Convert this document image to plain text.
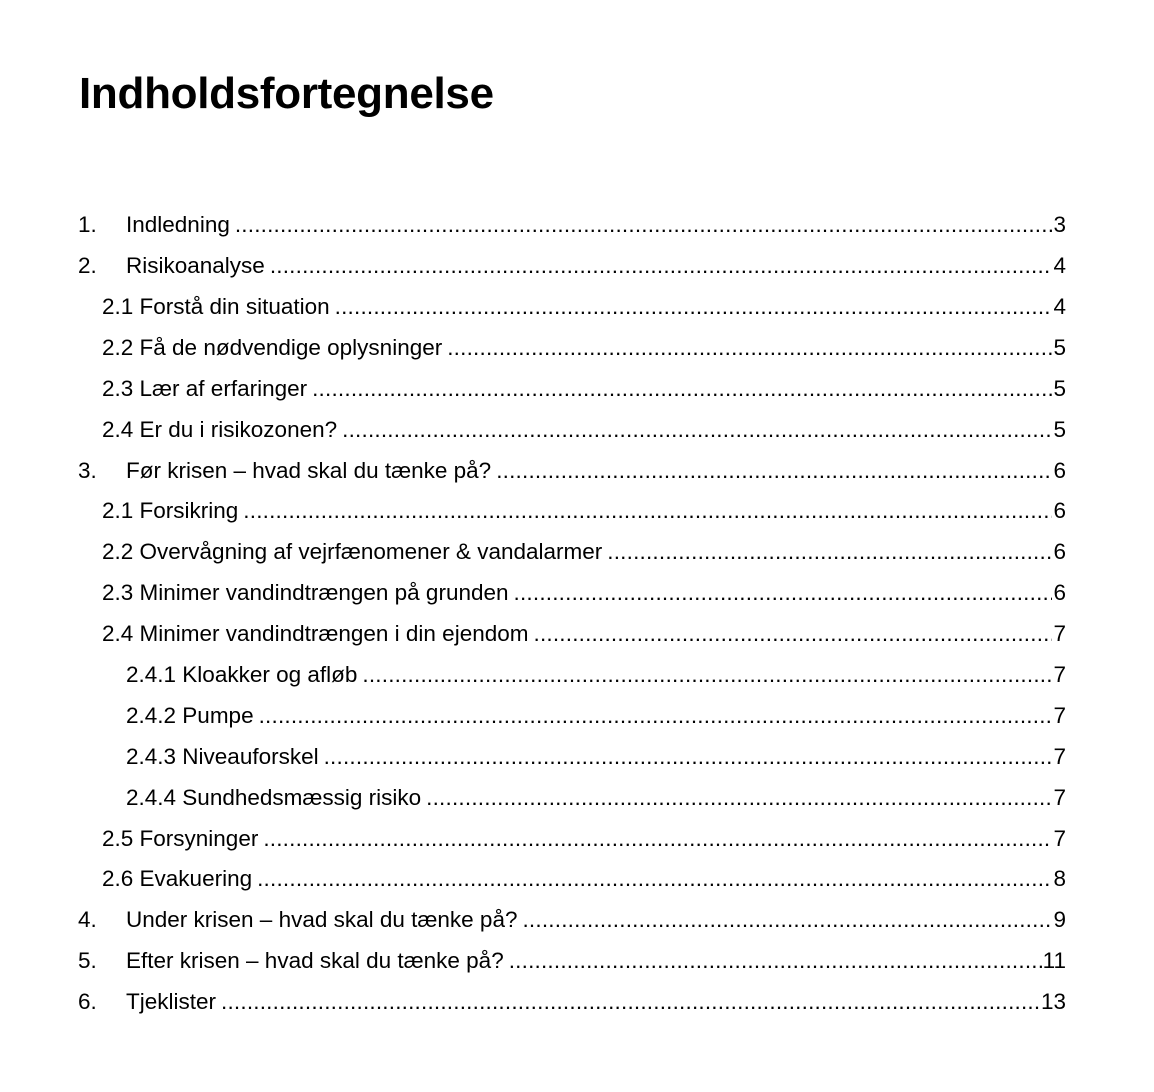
Indholdsfortegnelse
1. Indledning .....	3
2. Risikoanalyse .....	4
2.1 Forstå din situation .....	4
2.2 Få de nødvendige oplysninger .....	5
2.3 Lær af erfaringer .....	5
2.4 Er du i risikozonen? .....	5
3. Før krisen – hvad skal du tænke på? .....	6
2.1 Forsikring .....	6
2.2 Overvågning af vejrfænomener & vandalarmer .....	6
2.3 Minimer vandindtrængen på grunden .....	6
2.4 Minimer vandindtrængen i din ejendom .....	7
2.4.1 Kloakker og afløb .....	7
2.4.2 Pumpe .....	7
2.4.3 Niveauforskel .....	7
2.4.4 Sundhedsmæssig risiko .....	7
2.5 Forsyninger .....	7
2.6 Evakuering .....	8
4. Under krisen – hvad skal du tænke på? .....	9
5. Efter krisen – hvad skal du tænke på? .....	11
6. Tjeklister .....	13
